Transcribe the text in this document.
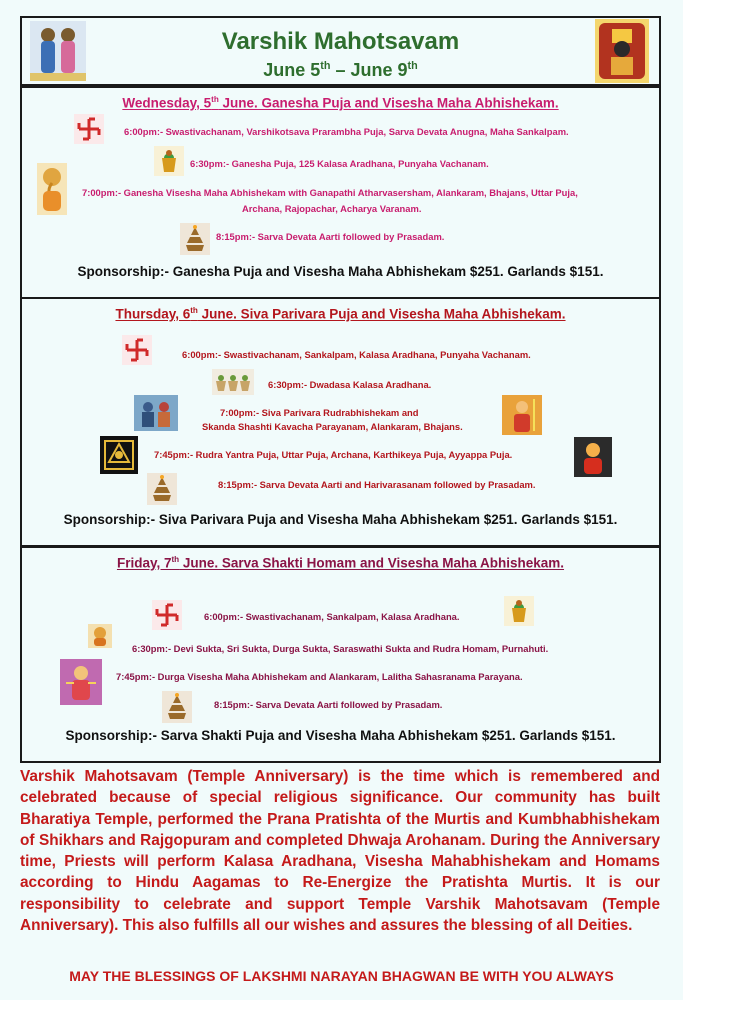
Varshik Mahotsavam
June 5th – June 9th
Wednesday, 5th June. Ganesha Puja and Visesha Maha Abhishekam.
6:00pm:- Swastivachanam, Varshikotsava Prarambha Puja, Sarva Devata Anugna, Maha Sankalpam.
6:30pm:- Ganesha Puja, 125 Kalasa Aradhana, Punyaha Vachanam.
7:00pm:- Ganesha Visesha Maha Abhishekam with Ganapathi Atharvasersham, Alankaram, Bhajans, Uttar Puja,
Archana, Rajopachar, Acharya Varanam.
8:15pm:- Sarva Devata Aarti followed by Prasadam.
Sponsorship:- Ganesha Puja and Visesha Maha Abhishekam $251. Garlands $151.
Thursday, 6th June. Siva Parivara Puja and Visesha Maha Abhishekam.
6:00pm:- Swastivachanam, Sankalpam, Kalasa Aradhana, Punyaha Vachanam.
6:30pm:- Dwadasa Kalasa Aradhana.
7:00pm:- Siva Parivara Rudrabhishekam and
Skanda Shashti Kavacha Parayanam, Alankaram, Bhajans.
7:45pm:- Rudra Yantra Puja, Uttar Puja, Archana, Karthikeya Puja, Ayyappa Puja.
8:15pm:- Sarva Devata Aarti and Harivarasanam followed by Prasadam.
Sponsorship:- Siva Parivara Puja and Visesha Maha Abhishekam $251. Garlands $151.
Friday, 7th June. Sarva Shakti Homam and Visesha Maha Abhishekam.
6:00pm:- Swastivachanam, Sankalpam, Kalasa Aradhana.
6:30pm:- Devi Sukta, Sri Sukta, Durga Sukta, Saraswathi Sukta and Rudra Homam, Purnahuti.
7:45pm:- Durga Visesha Maha Abhishekam and Alankaram, Lalitha Sahasranama Parayana.
8:15pm:- Sarva Devata Aarti followed by Prasadam.
Sponsorship:- Sarva Shakti Puja and Visesha Maha Abhishekam $251. Garlands $151.
Varshik Mahotsavam (Temple Anniversary) is the time which is remembered and celebrated because of special religious significance. Our community has built Bharatiya Temple, performed the Prana Pratishta of the Murtis and Kumbhabhishekam of Shikhars and Rajgopuram and completed Dhwaja Arohanam. During the Anniversary time, Priests will perform Kalasa Aradhana, Visesha Mahabhishekam and Homams according to Hindu Aagamas to Re-Energize the Pratishta Murtis. It is our responsibility to celebrate and support Temple Varshik Mahotsavam (Temple Anniversary). This also fulfills all our wishes and assures the blessing of all Deities.
MAY THE BLESSINGS OF LAKSHMI NARAYAN BHAGWAN BE WITH YOU ALWAYS
